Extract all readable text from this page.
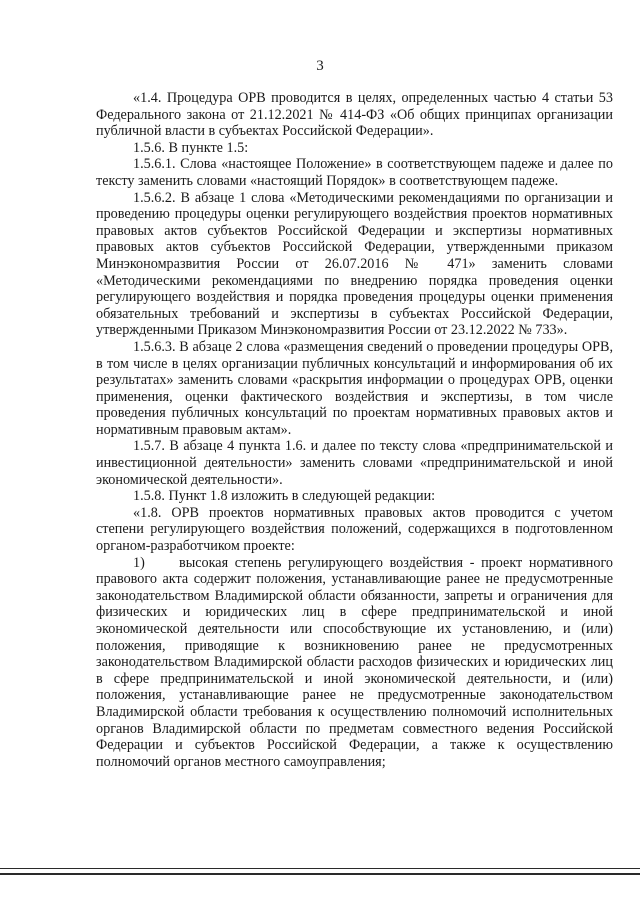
3

«1.4. Процедура ОРВ проводится в целях, определенных частью 4 статьи 53 Федерального закона от 21.12.2021 № 414-ФЗ «Об общих принципах организации публичной власти в субъектах Российской Федерации».

1.5.6. В пункте 1.5:

1.5.6.1. Слова «настоящее Положение» в соответствующем падеже и далее по тексту заменить словами «настоящий Порядок» в соответствующем падеже.

1.5.6.2. В абзаце 1 слова «Методическими рекомендациями по организации и проведению процедуры оценки регулирующего воздействия проектов нормативных правовых актов субъектов Российской Федерации и экспертизы нормативных правовых актов субъектов Российской Федерации, утвержденными приказом Минэкономразвития России от 26.07.2016 № 471» заменить словами «Методическими рекомендациями по внедрению порядка проведения оценки регулирующего воздействия и порядка проведения процедуры оценки применения обязательных требований и экспертизы в субъектах Российской Федерации, утвержденными Приказом Минэкономразвития России от 23.12.2022 № 733».

1.5.6.3. В абзаце 2 слова «размещения сведений о проведении процедуры ОРВ, в том числе в целях организации публичных консультаций и информирования об их результатах» заменить словами «раскрытия информации о процедурах ОРВ, оценки применения, оценки фактического воздействия и экспертизы, в том числе проведения публичных консультаций по проектам нормативных правовых актов и нормативным правовым актам».

1.5.7. В абзаце 4 пункта 1.6. и далее по тексту слова «предпринимательской и инвестиционной деятельности» заменить словами «предпринимательской и иной экономической деятельности».

1.5.8. Пункт 1.8 изложить в следующей редакции:

«1.8. ОРВ проектов нормативных правовых актов проводится с учетом степени регулирующего воздействия положений, содержащихся в подготовленном органом-разработчиком проекте:

1) высокая степень регулирующего воздействия - проект нормативного правового акта содержит положения, устанавливающие ранее не предусмотренные законодательством Владимирской области обязанности, запреты и ограничения для физических и юридических лиц в сфере предпринимательской и иной экономической деятельности или способствующие их установлению, и (или) положения, приводящие к возникновению ранее не предусмотренных законодательством Владимирской области расходов физических и юридических лиц в сфере предпринимательской и иной экономической деятельности, и (или) положения, устанавливающие ранее не предусмотренные законодательством Владимирской области требования к осуществлению полномочий исполнительных органов Владимирской области по предметам совместного ведения Российской Федерации и субъектов Российской Федерации, а также к осуществлению полномочий органов местного самоуправления;
